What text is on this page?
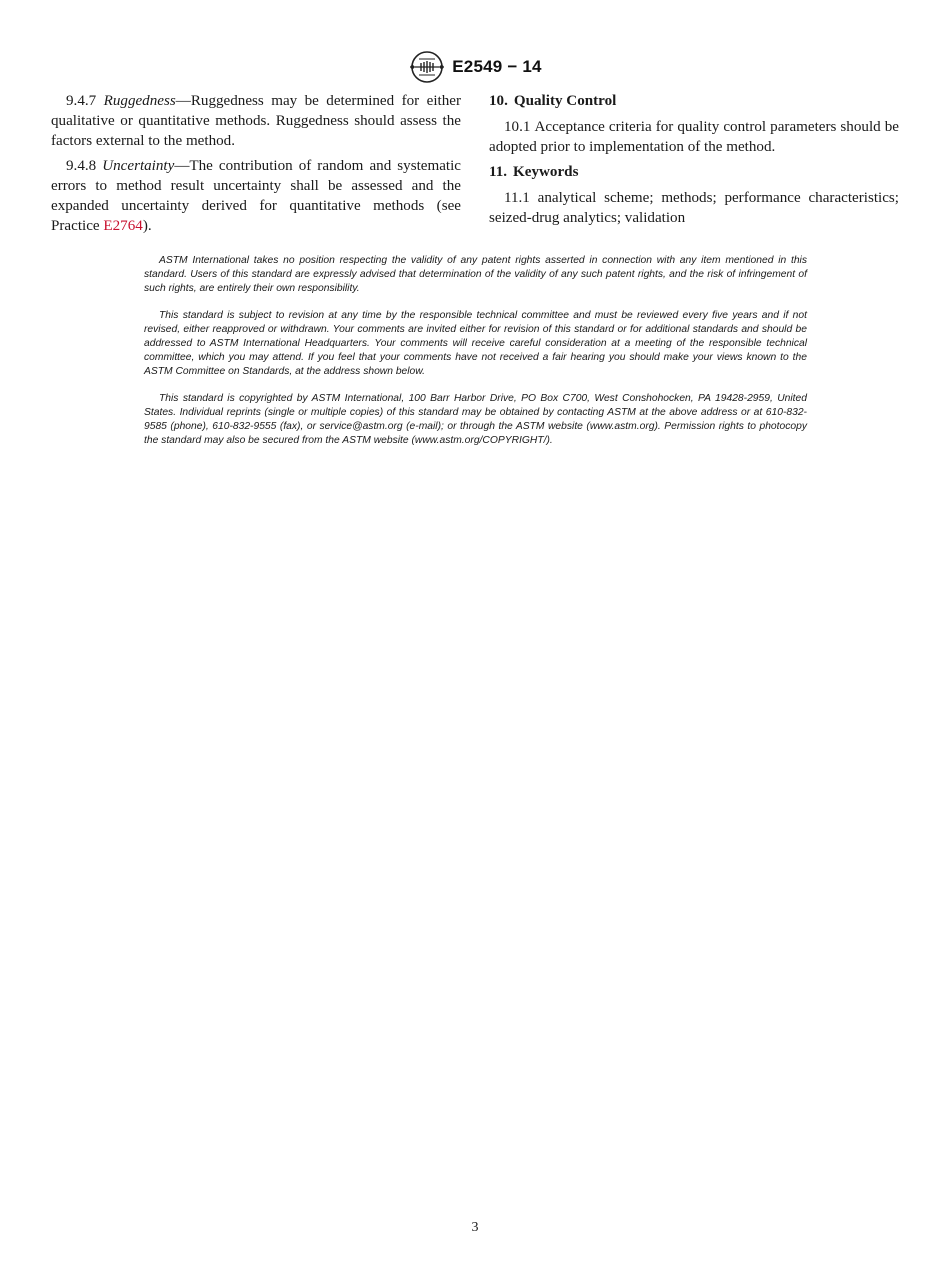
E2549 − 14

9.4.7 Ruggedness—Ruggedness may be determined for either qualitative or quantitative methods. Ruggedness should assess the factors external to the method.

9.4.8 Uncertainty—The contribution of random and systematic errors to method result uncertainty shall be assessed and the expanded uncertainty derived for quantitative methods (see Practice E2764).

10. Quality Control

10.1 Acceptance criteria for quality control parameters should be adopted prior to implementation of the method.

11. Keywords

11.1 analytical scheme; methods; performance characteristics; seized-drug analytics; validation

ASTM International takes no position respecting the validity of any patent rights asserted in connection with any item mentioned in this standard. Users of this standard are expressly advised that determination of the validity of any such patent rights, and the risk of infringement of such rights, are entirely their own responsibility.

This standard is subject to revision at any time by the responsible technical committee and must be reviewed every five years and if not revised, either reapproved or withdrawn. Your comments are invited either for revision of this standard or for additional standards and should be addressed to ASTM International Headquarters. Your comments will receive careful consideration at a meeting of the responsible technical committee, which you may attend. If you feel that your comments have not received a fair hearing you should make your views known to the ASTM Committee on Standards, at the address shown below.

This standard is copyrighted by ASTM International, 100 Barr Harbor Drive, PO Box C700, West Conshohocken, PA 19428-2959, United States. Individual reprints (single or multiple copies) of this standard may be obtained by contacting ASTM at the above address or at 610-832-9585 (phone), 610-832-9555 (fax), or service@astm.org (e-mail); or through the ASTM website (www.astm.org). Permission rights to photocopy the standard may also be secured from the ASTM website (www.astm.org/COPYRIGHT/).

3
